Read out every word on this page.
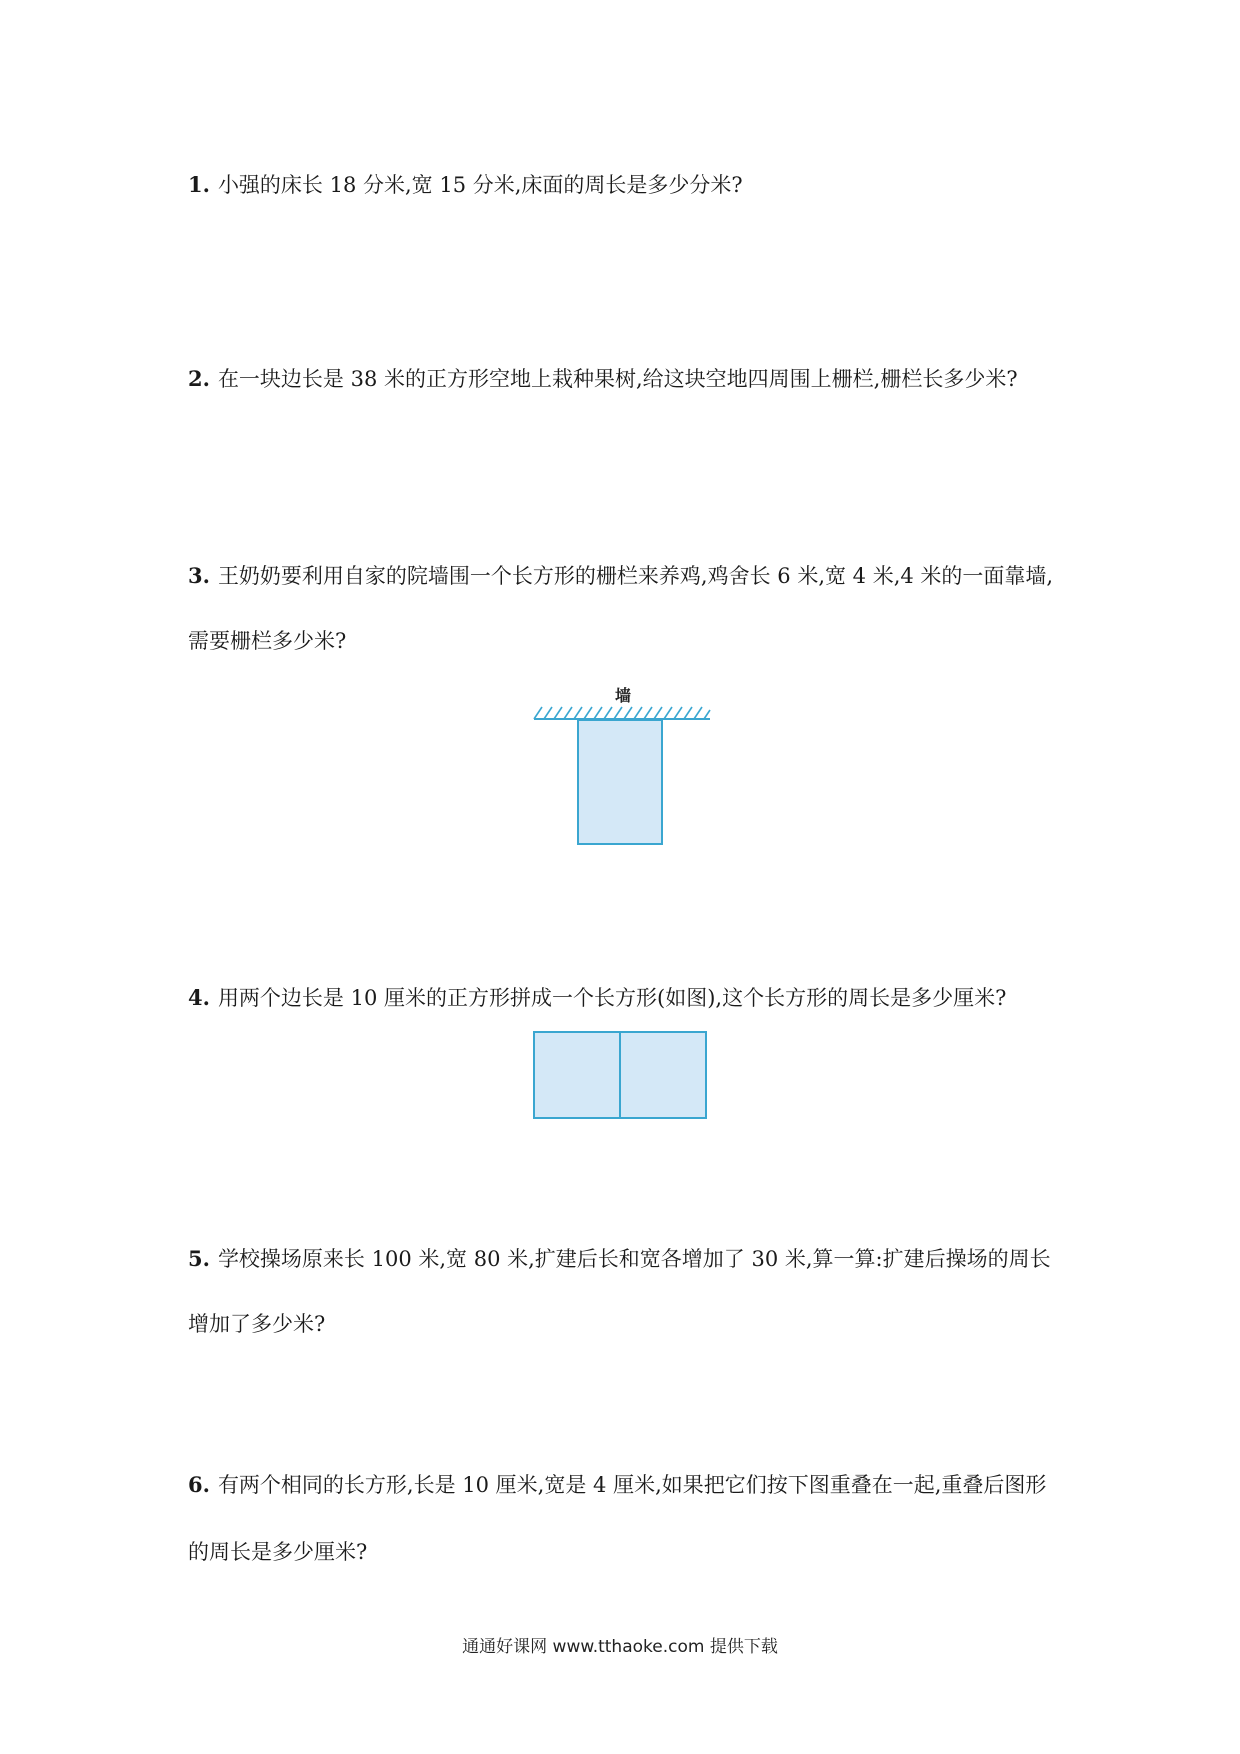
1. 小强的床长 18 分米,宽 15 分米,床面的周长是多少分米?
2. 在一块边长是 38 米的正方形空地上栽种果树,给这块空地四周围上栅栏,栅栏长多少米?
3. 王奶奶要利用自家的院墙围一个长方形的栅栏来养鸡,鸡舍长 6 米,宽 4 米,4 米的一面靠墙,
需要栅栏多少米?
墙
4. 用两个边长是 10 厘米的正方形拼成一个长方形(如图),这个长方形的周长是多少厘米?
5. 学校操场原来长 100 米,宽 80 米,扩建后长和宽各增加了 30 米,算一算:扩建后操场的周长
增加了多少米?
6. 有两个相同的长方形,长是 10 厘米,宽是 4 厘米,如果把它们按下图重叠在一起,重叠后图形
的周长是多少厘米?
通通好课网 www.tthaoke.com 提供下载
